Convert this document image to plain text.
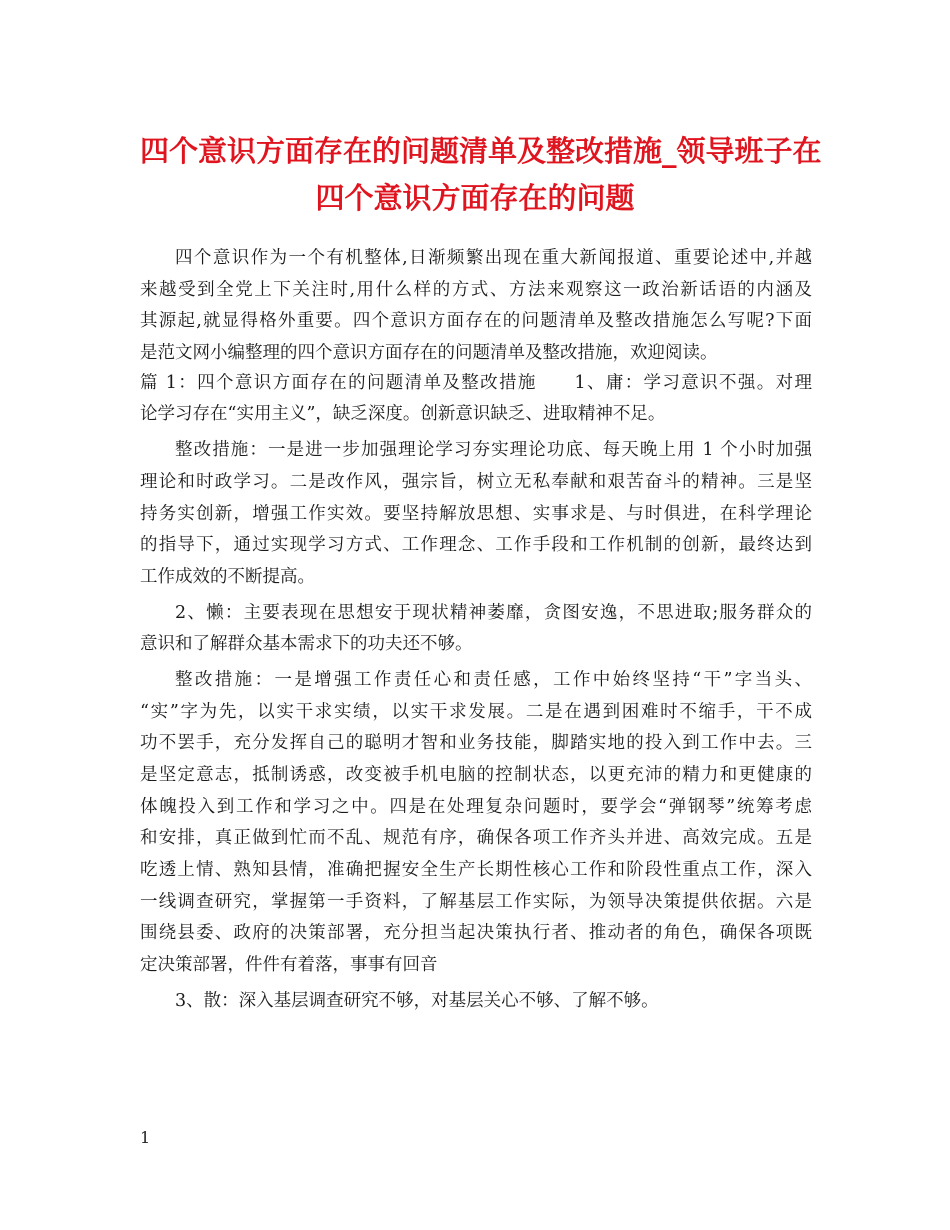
四个意识方面存在的问题清单及整改措施_领导班子在
四个意识方面存在的问题
四个意识作为一个有机整体,日渐频繁出现在重大新闻报道、重要论述中,并越
来越受到全党上下关注时,用什么样的方式、方法来观察这一政治新话语的内涵及
其源起,就显得格外重要。四个意识方面存在的问题清单及整改措施怎么写呢?下面
是范文网小编整理的四个意识方面存在的问题清单及整改措施，欢迎阅读。
篇 1：四个意识方面存在的问题清单及整改措施　　1、庸：学习意识不强。对理
论学习存在“实用主义”，缺乏深度。创新意识缺乏、进取精神不足。
整改措施：一是进一步加强理论学习夯实理论功底、每天晚上用 1 个小时加强
理论和时政学习。二是改作风，强宗旨，树立无私奉献和艰苦奋斗的精神。三是坚
持务实创新，增强工作实效。要坚持解放思想、实事求是、与时俱进，在科学理论
的指导下，通过实现学习方式、工作理念、工作手段和工作机制的创新，最终达到
工作成效的不断提高。
2、懒：主要表现在思想安于现状精神萎靡，贪图安逸，不思进取;服务群众的
意识和了解群众基本需求下的功夫还不够。
整改措施：一是增强工作责任心和责任感，工作中始终坚持“干”字当头、
“实”字为先，以实干求实绩，以实干求发展。二是在遇到困难时不缩手，干不成
功不罢手，充分发挥自己的聪明才智和业务技能，脚踏实地的投入到工作中去。三
是坚定意志，抵制诱惑，改变被手机电脑的控制状态，以更充沛的精力和更健康的
体魄投入到工作和学习之中。四是在处理复杂问题时，要学会“弹钢琴”统筹考虑
和安排，真正做到忙而不乱、规范有序，确保各项工作齐头并进、高效完成。五是
吃透上情、熟知县情，准确把握安全生产长期性核心工作和阶段性重点工作，深入
一线调查研究，掌握第一手资料，了解基层工作实际，为领导决策提供依据。六是
围绕县委、政府的决策部署，充分担当起决策执行者、推动者的角色，确保各项既
定决策部署，件件有着落，事事有回音
3、散：深入基层调查研究不够，对基层关心不够、了解不够。
1
